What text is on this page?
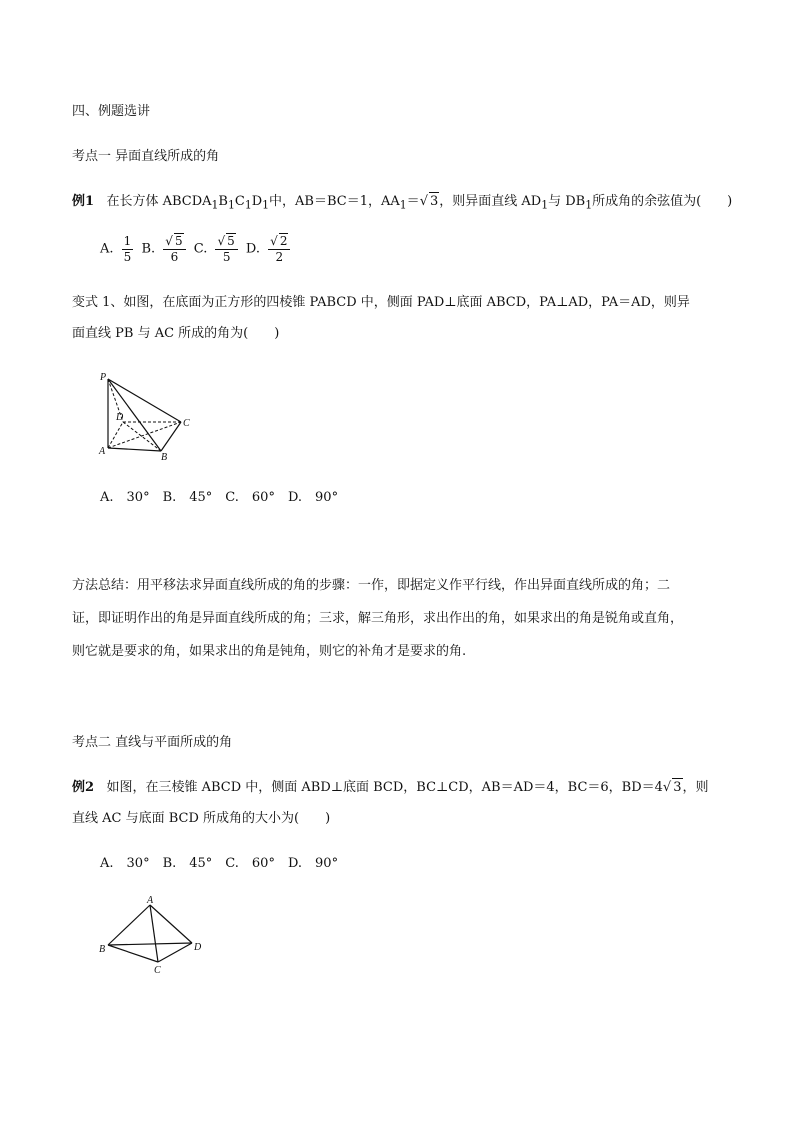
四、例题选讲
考点一 异面直线所成的角
例1 在长方体 $ABCDA_1B_1C_1D_1$中，AB＝BC＝1，$AA_1=√$ 3，则异面直线 $AD_1$与 $DB_1$所成角的余弦值为(　　)
A. $\frac{1}{5} B$. $\frac{√ 5}{6} C$. $\frac{√ 5}{5} D$. $\frac{√ 2}{2}$
变式 1、如图，在底面为正方形的四棱锥 PABCD 中，侧面 PAD⊥底面 ABCD，PA⊥AD，PA＝AD，则异
面直线 PB 与 AC 所成的角为(　　)
P
D
C
A
B
A.　30°　B.　45°　C.　60°　D.　90°
方法总结：用平移法求异面直线所成的角的步骤：一作，即据定义作平行线，作出异面直线所成的角；二
证，即证明作出的角是异面直线所成的角；三求，解三角形，求出作出的角，如果求出的角是锐角或直角，
则它就是要求的角，如果求出的角是钝角，则它的补角才是要求的角.
考点二 直线与平面所成的角
例2 如图，在三棱锥 ABCD 中，侧面 ABD⊥底面 BCD，BC⊥CD，AB＝AD＝4，BC＝6，BD＝4√ 3，则
直线 AC 与底面 BCD 所成角的大小为(　　)
A.　30°　B.　45°　C.　60°　D.　90°
A
B
C
D
